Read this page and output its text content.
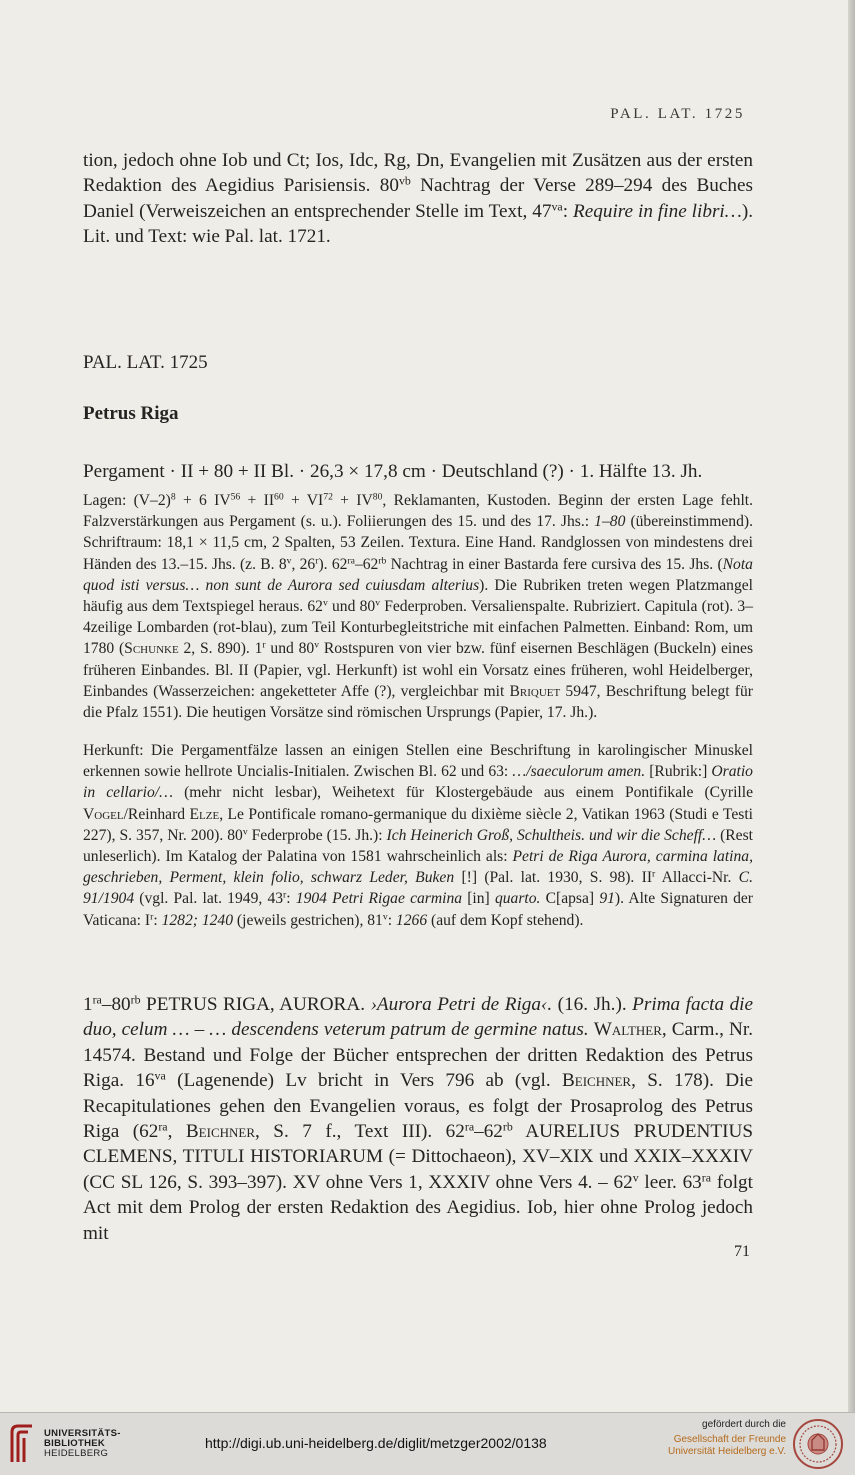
PAL. LAT. 1725

tion, jedoch ohne Iob und Ct; Ios, Idc, Rg, Dn, Evangelien mit Zusätzen aus der ersten Redaktion des Aegidius Parisiensis. $80^{vb}$ Nachtrag der Verse 289–294 des Buches Daniel (Verweiszeichen an entsprechender Stelle im Text, $47^{va}$: Require in fine libri…). Lit. und Text: wie Pal. lat. 1721.

PAL. LAT. 1725
Petrus Riga
Pergament · II + 80 + II Bl. · 26,3 × 17,8 cm · Deutschland (?) · 1. Hälfte 13. Jh.

Lagen: $(V-2)^8 + 6$ $IV^{56} + II^{60} + VI^{72} + IV^{80}$, Reklamanten, Kustoden. Beginn der ersten Lage fehlt. Falzverstärkungen aus Pergament (s. u.). Foliierungen des 15. und des 17. Jhs.: 1–80 (übereinstimmend). Schriftraum: 18,1 × 11,5 cm, 2 Spalten, 53 Zeilen. Textura. Eine Hand. Randglossen von mindestens drei Händen des 13.–15. Jhs. (z. B. 8$^v$, 26$^r$). $62^{ra}-62^{rb}$ Nachtrag in einer Bastarda fere cursiva des 15. Jhs. (Nota quod isti versus… non sunt de Aurora sed cuiusdam alterius). Die Rubriken treten wegen Platzmangel häufig aus dem Textspiegel heraus. 62$^v$ und 80$^v$ Federproben. Versalienspalte. Rubriziert. Capitula (rot). 3–4zeilige Lombarden (rot-blau), zum Teil Konturbegleitstriche mit einfachen Palmetten. Einband: Rom, um 1780 (Schunke 2, S. 890). 1$^r$ und 80$^v$ Rostspuren von vier bzw. fünf eisernen Beschlägen (Buckeln) eines früheren Einbandes. Bl. II (Papier, vgl. Herkunft) ist wohl ein Vorsatz eines früheren, wohl Heidelberger, Einbandes (Wasserzeichen: angeketteter Affe (?), vergleichbar mit Briquet 5947, Beschriftung belegt für die Pfalz 1551). Die heutigen Vorsätze sind römischen Ursprungs (Papier, 17. Jh.).

Herkunft: Die Pergamentfälze lassen an einigen Stellen eine Beschriftung in karolingischer Minuskel erkennen sowie hellrote Uncialis-Initialen. Zwischen Bl. 62 und 63: …/saeculorum amen. [Rubrik:] Oratio in cellario/… (mehr nicht lesbar), Weihetext für Klostergebäude aus einem Pontifikale (Cyrille Vogel/Reinhard Elze, Le Pontificale romano-germanique du dixième siècle 2, Vatikan 1963 (Studi e Testi 227), S. 357, Nr. 200). 80$^v$ Federprobe (15. Jh.): Ich Heinerich Groß, Schultheis. und wir die Scheff… (Rest unleserlich). Im Katalog der Palatina von 1581 wahrscheinlich als: Petri de Riga Aurora, carmina latina, geschrieben, Perment, klein folio, schwarz Leder, Buken [!] (Pal. lat. 1930, S. 98). $II^r$ Allacci-Nr. C. 91/1904 (vgl. Pal. lat. 1949, 43$^r$: 1904 Petri Rigae carmina [in] quarto. C[apsa] 91). Alte Signaturen der Vaticana: $I^r$: 1282; 1240 (jeweils gestrichen), 81$^v$: 1266 (auf dem Kopf stehend).

$1^{ra}-80^{rb}$ PETRUS RIGA, AURORA. ›Aurora Petri de Riga‹. (16. Jh.). Prima facta die duo, celum … – … descendens veterum patrum de germine natus. Walther, Carm., Nr. 14574. Bestand und Folge der Bücher entsprechen der dritten Redaktion des Petrus Riga. $16^{va}$ (Lagenende) Lv bricht in Vers 796 ab (vgl. Beichner, S. 178). Die Recapitulationes gehen den Evangelien voraus, es folgt der Prosaprolog des Petrus Riga ($62^{ra}$, Beichner, S. 7 f., Text III). $62^{ra}-62^{rb}$ AURELIUS PRUDENTIUS CLEMENS, TITULI HISTORIARUM (= Dittochaeon), XV–XIX und XXIX–XXXIV (CC SL 126, S. 393–397). XV ohne Vers 1, XXXIV ohne Vers 4. – 62$^v$ leer. $63^{ra}$ folgt Act mit dem Prolog der ersten Redaktion des Aegidius. Iob, hier ohne Prolog jedoch mit

71
UNIVERSITÄTS-
BIBLIOTHEK
HEIDELBERG
http://digi.ub.uni-heidelberg.de/diglit/metzger2002/0138
gefördert durch die
Gesellschaft der Freunde
Universität Heidelberg e.V.
